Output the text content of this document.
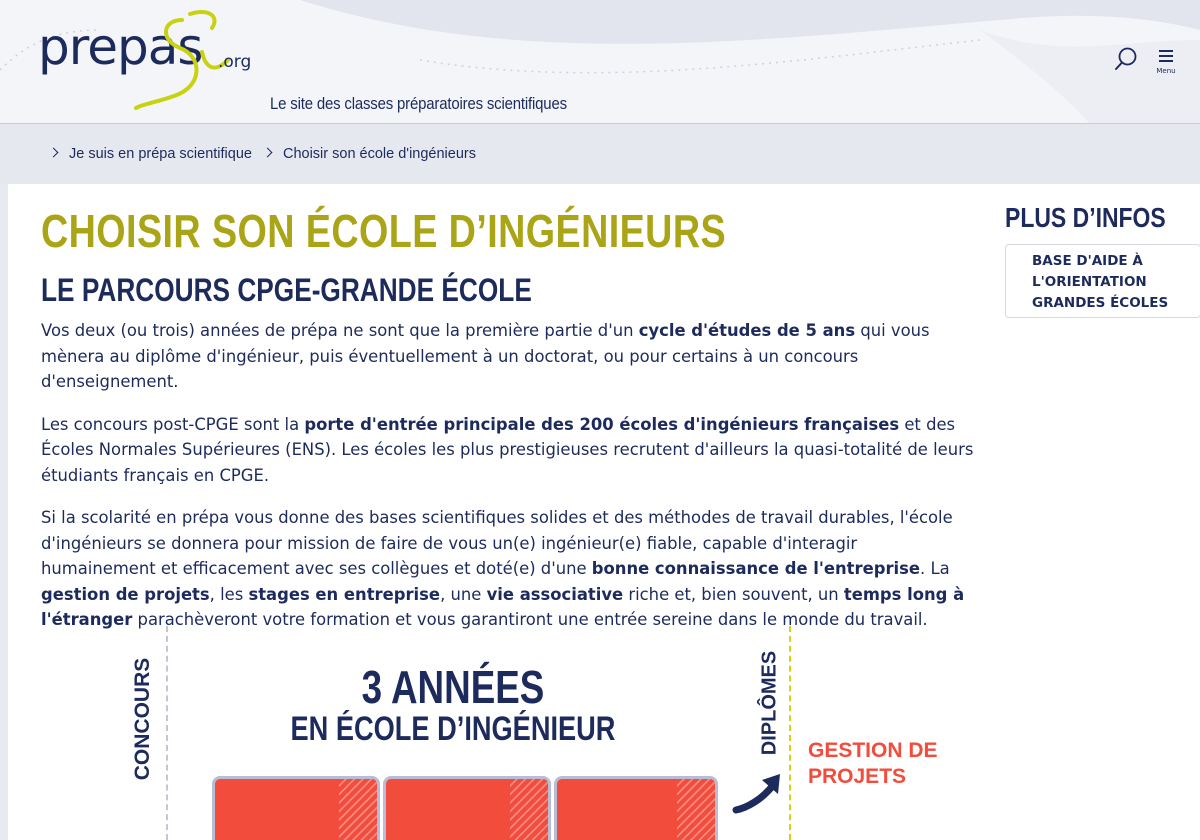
prepas .org
Le site des classes préparatoires scientifiques
Menu
Je suis en prépa scientifique Choisir son école d'ingénieurs
CHOISIR SON ÉCOLE D’INGÉNIEURS
LE PARCOURS CPGE-GRANDE ÉCOLE

Vos deux (ou trois) années de prépa ne sont que la première partie d'un cycle d'études de 5 ans qui vous mènera au diplôme d'ingénieur, puis éventuellement à un doctorat, ou pour certains à un concours d'enseignement.

Les concours post-CPGE sont la porte d'entrée principale des 200 écoles d'ingénieurs françaises et des Écoles Normales Supérieures (ENS). Les écoles les plus prestigieuses recrutent d'ailleurs la quasi-totalité de leurs étudiants français en CPGE.

Si la scolarité en prépa vous donne des bases scientifiques solides et des méthodes de travail durables, l'école d'ingénieurs se donnera pour mission de faire de vous un(e) ingénieur(e) fiable, capable d'interagir humainement et efficacement avec ses collègues et doté(e) d'une bonne connaissance de l'entreprise. La gestion de projets, les stages en entreprise, une vie associative riche et, bien souvent, un temps long à l'étranger parachèveront votre formation et vous garantiront une entrée sereine dans le monde du travail.

PLUS D’INFOS
BASE D'AIDE À
L'ORIENTATION
GRANDES ÉCOLES
CONCOURS	3 ANNÉES
EN ÉCOLE D’INGÉNIEUR	DIPLÔMES GESTION DE PROJETS
